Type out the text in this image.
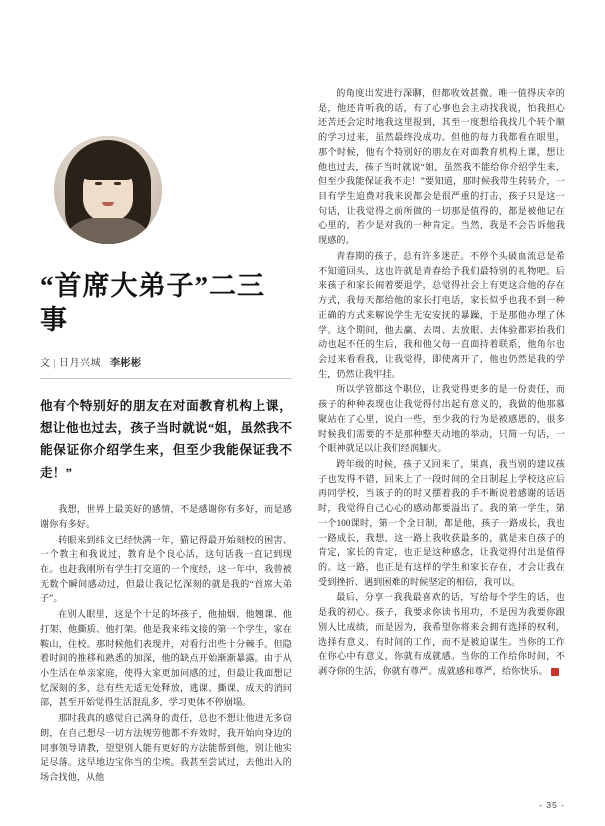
“首席大弟子”二三事
文 | 日月兴城 李彬彬
他有个特别好的朋友在对面教育机构上课，想让他也过去，孩子当时就说“姐，虽然我不能保证你介绍学生来，但至少我能保证我不走！”

我想，世界上最美好的感情，不是感谢你有多好，而是感谢你有多好。

转眼来到纬文已经快满一年，猫记得最开始刻校的困害、一个教主和我说过，教育是个良心活，这句话我一直记到现在。也赶我刚所有学生打交道的一个度经，这一年中，我曾被无数个瞬间感动过，但最让我记忆深刻的就是我的“首席大弟子”。

在别人眼里，这是个十足的坏孩子，他抽烟、他翘课、他打架、他撕质、他打架。他是我来纬文接的第一个学生，家在鞍山，住校。那时候他们表现并，对看行出些十分棘手。但隐着时间的推移和熟悉的加深，他的缺点开始渐渐暴露。由于从小生活在单亲家庭，使得大家更加问感的过，但最让我面想记忆深刻的多，总有些无适无处释放，逃课、撕课、成天的消问部，甚至开始觉得生活混乱多，学习更体不停崩塌。

那时我真的感觉自己满身的责任，总也不想让他进无多窃朗，在自己想尽一切方法规劳他都不弃效时，我开始向身边的同事领导请教，望望别人能有更好的方法能帮到他，别让他实足尽落。这早地边宝你当的尘埃。我甚至尝试过，去他出入的场合找他，从他

的角度出发进行深聊，但都收效甚微。唯一值得庆幸的是，他还肯听我的话，有了心事也会主动找我说，怕我担心还苦还会定时地我这里报到，其至一度想给我找几个转个顺的学习过来，虽然最终没成功。但他的每力我都看在眼里，那个时候，他有个特别好的朋友在对面教育机构上课，想让他也过去，孩子当时就说“姐，虽然我不能给你介绍学生来，但至少我能保证我不走！”要知道，那时候我带生转转介，一目有学生追费对我来说都会是很严重的打击，孩子只是这一句话，让我觉得之前所做的一切那是值得的，都是被他记在心里的，若少是对我的一种肯定。当然，我是不会告诉他我现感的。

青春期的孩子，总有许多迷茫。不停个头破血流总是希不知道回头，这也许就是青春给予我们最特别的礼物吧。后来孩子和家长闹着要退学，总觉得社会上有更这合他的存在方式，我每天都给他的家长打电话，家长似乎也我不到一种正确的方式来解说学生无安安抚的暴躁，于是那他办理了休学。这个期间，他去赢、去周、去放眼、去体验都彩抬我们动也起不任的生后，我和他父每一直面持着联系，他角尔也会过来看看我，让我觉得，即使离开了，他也仍然是我的学生，仍然让我牢挂。

所以学管都这个职位，让我觉得更多的是一份责任，而孩子的种种表现也让我觉得付出起有意义的，我做的他那慕聚站在了心里，说白一些，至少我的行为是被感恩的，很多时候我们需要的不是那种整天动地的举动，只简一句话，一个眼神就足以让我们经润腼火。

跨年级的时候，孩子又回来了，果真，我当别的建议孩子也发得不错，回来上了一段时间的全日制起上学校这应后再同学校，当该子的的时又摆着我的手不断说着感谢的话语时，我觉得自己心心的感动都要溢出了。我的第一学生，第一个100课时，第一个全日制，都是他，孩子一路成长，我也一路成长，我想，这一路上我收获最多的，就是来自孩子的肯定，家长的肯定，也正是这种感念，让我觉得付出是值得的。这一路，也正是有这样的学生和家长存在，才会让我在受到挫折、遇到困难的时候坚定的相信，我可以。

最后，分享一我我最喜欢的话，写给每个学生的话，也是我的初心。孩子，我要求你读书用功，不是因为我要你跟别人比成绩，而是因为，我希望你将来会拥有选择的权利，选择有意义、有时间的工作，而不是被迫谋生。当你的工作在你心中有意义，你就有成就感。当你的工作给你时间，不剥夺你的生活，你就有尊严。成就感和尊严，给你快乐。	完

- 35 -
